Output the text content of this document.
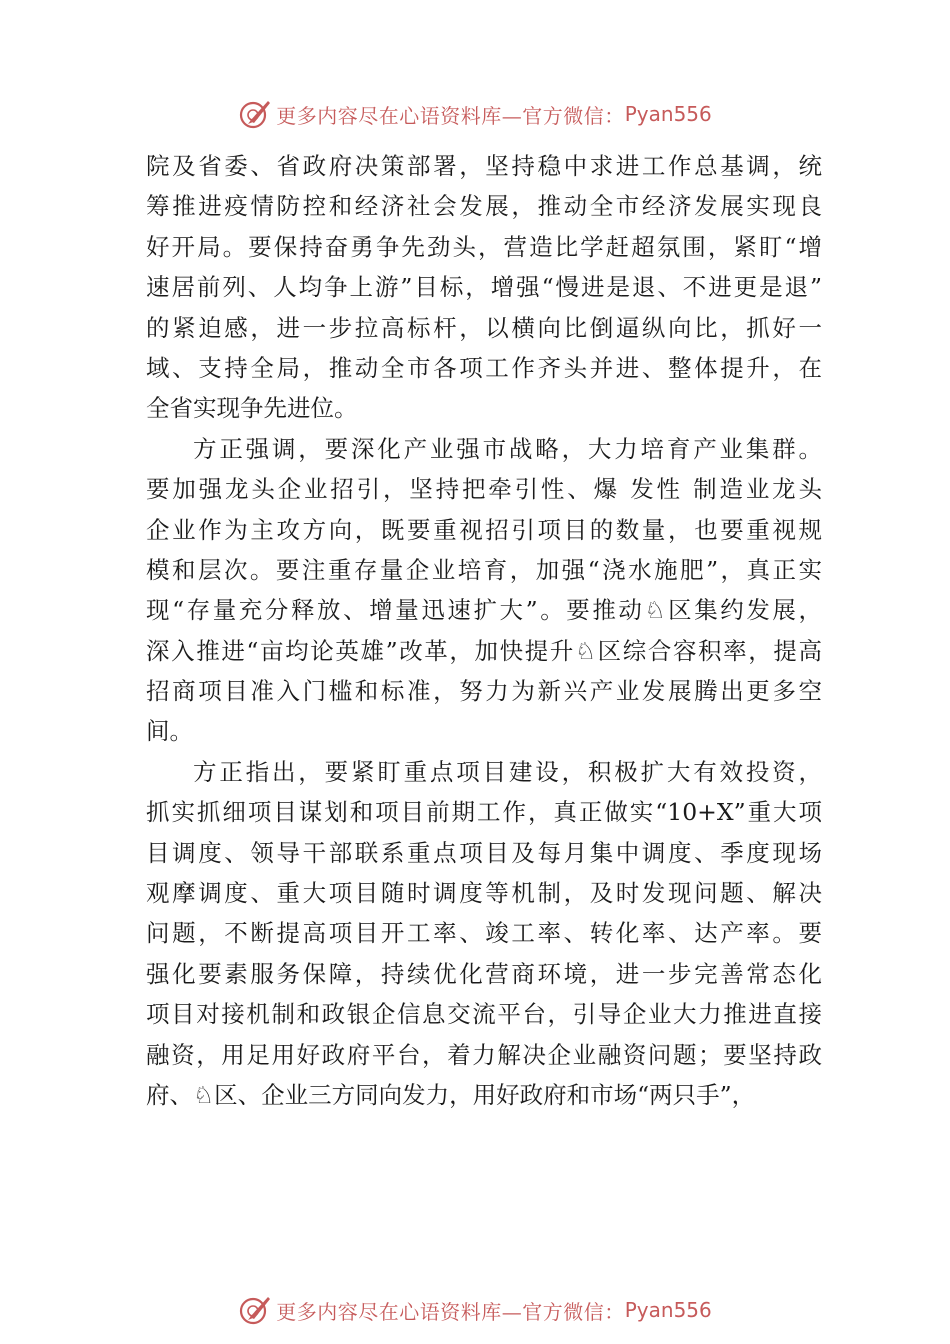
更多内容尽在心语资料库—官方微信： Pyan556
院及省委、省政府决策部署，坚持稳中求进工作总基调，统
筹推进疫情防控和经济社会发展，推动全市经济发展实现良
好开局。要保持奋勇争先劲头，营造比学赶超氛围，紧盯“增
速居前列、人均争上游”目标，增强“慢进是退、不进更是退”
的紧迫感，进一步拉高标杆，以横向比倒逼纵向比，抓好一
域、支持全局，推动全市各项工作齐头并进、整体提升，在
全省实现争先进位。
方正强调，要深化产业强市战略，大力培育产业集群。
要加强龙头企业招引，坚持把牵引性、爆 发性 制造业龙头
企业作为主攻方向，既要重视招引项目的数量，也要重视规
模和层次。要注重存量企业培育，加强“浇水施肥”，真正实
现“存量充分释放、增量迅速扩大”。要推动♘区集约发展，
深入推进“亩均论英雄”改革，加快提升♘区综合容积率，提高
招商项目准入门槛和标准，努力为新兴产业发展腾出更多空
间。
方正指出，要紧盯重点项目建设，积极扩大有效投资，
抓实抓细项目谋划和项目前期工作，真正做实“10+X”重大项
目调度、领导干部联系重点项目及每月集中调度、季度现场
观摩调度、重大项目随时调度等机制，及时发现问题、解决
问题，不断提高项目开工率、竣工率、转化率、达产率。要
强化要素服务保障，持续优化营商环境，进一步完善常态化
项目对接机制和政银企信息交流平台，引导企业大力推进直接
融资，用足用好政府平台，着力解决企业融资问题；要坚持政
府、♘区、企业三方同向发力，用好政府和市场“两只手”，
更多内容尽在心语资料库—官方微信： Pyan556
